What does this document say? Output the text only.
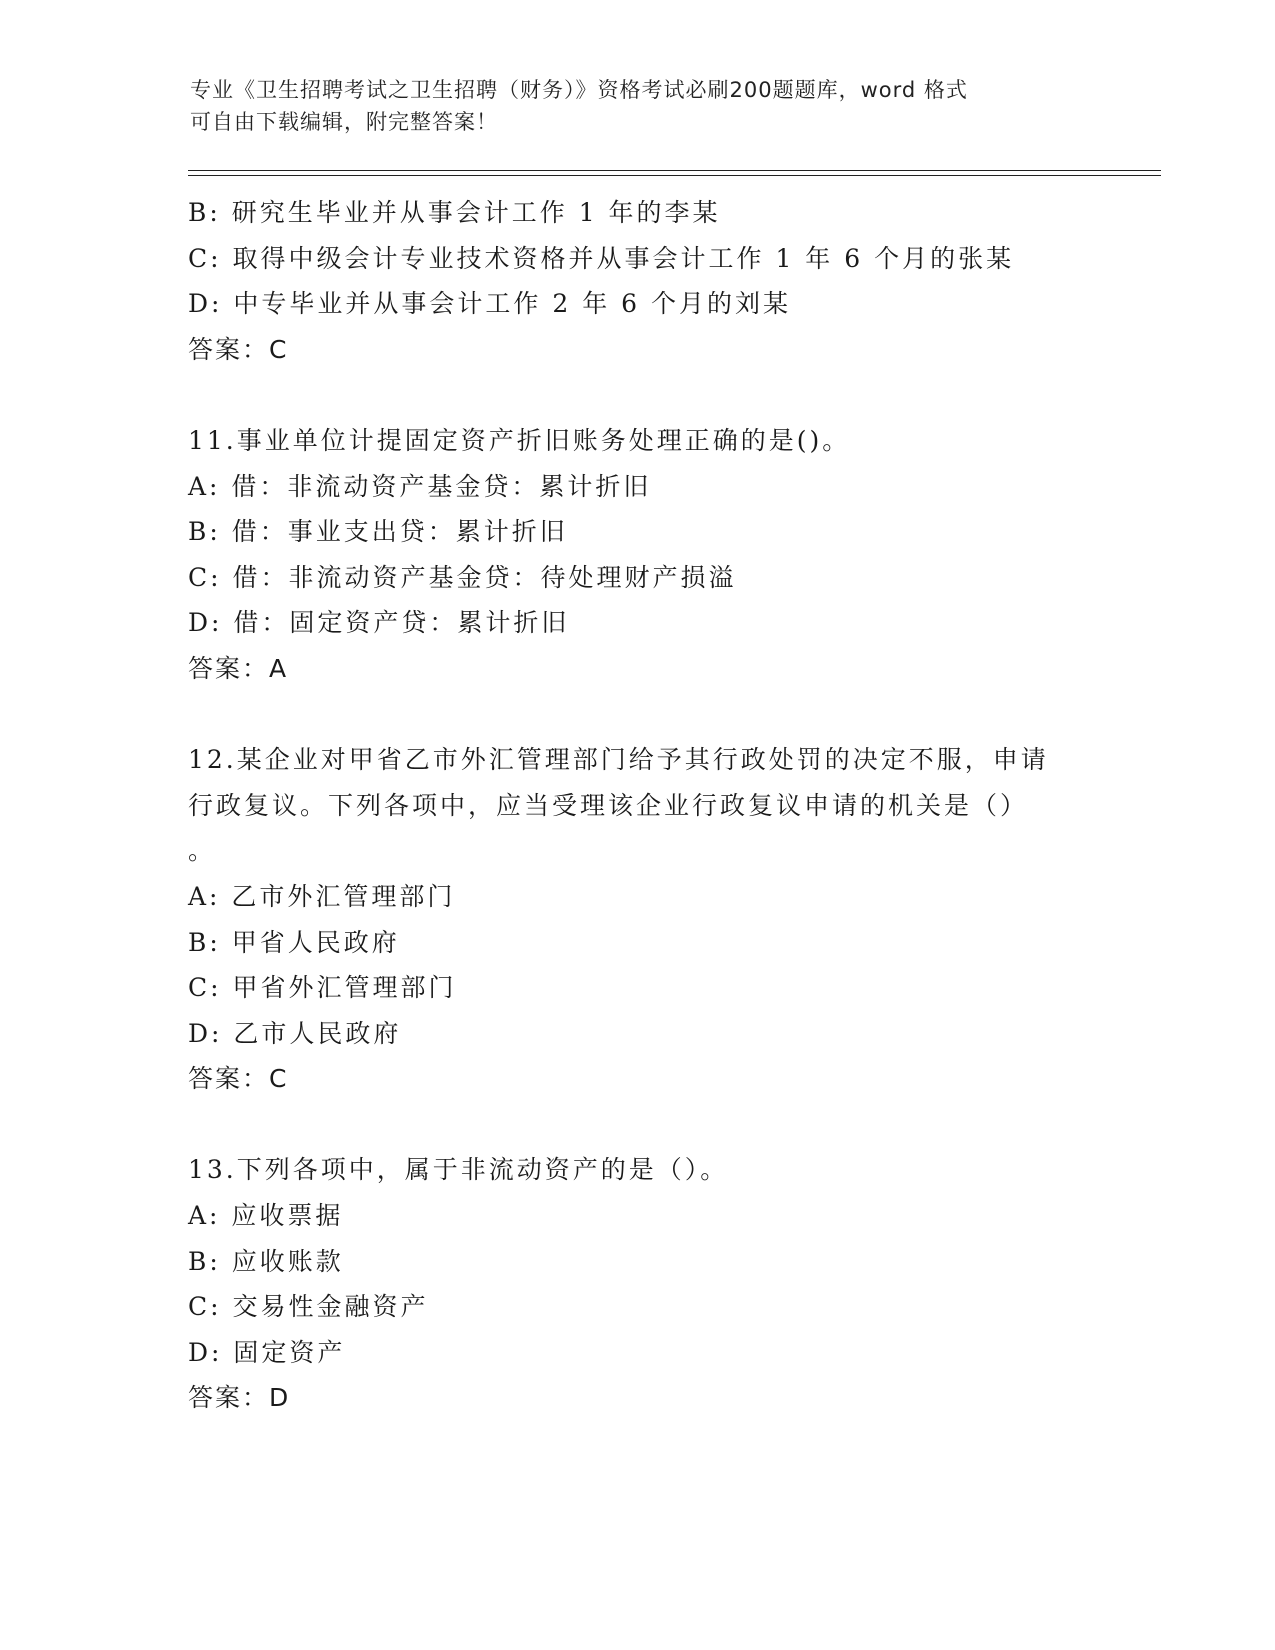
专业《卫生招聘考试之卫生招聘（财务）》资格考试必刷200题题库，word 格式
可自由下载编辑，附完整答案！
B: 研究生毕业并从事会计工作 1 年的李某
C: 取得中级会计专业技术资格并从事会计工作 1 年 6 个月的张某
D: 中专毕业并从事会计工作 2 年 6 个月的刘某
答案：C
11.事业单位计提固定资产折旧账务处理正确的是()。
A: 借：非流动资产基金贷：累计折旧
B: 借：事业支出贷：累计折旧
C: 借：非流动资产基金贷：待处理财产损溢
D: 借：固定资产贷：累计折旧
答案：A
12.某企业对甲省乙市外汇管理部门给予其行政处罚的决定不服，申请
行政复议。下列各项中，应当受理该企业行政复议申请的机关是（）
。
A: 乙市外汇管理部门
B: 甲省人民政府
C: 甲省外汇管理部门
D: 乙市人民政府
答案：C
13.下列各项中，属于非流动资产的是（）。
A: 应收票据
B: 应收账款
C: 交易性金融资产
D: 固定资产
答案：D
